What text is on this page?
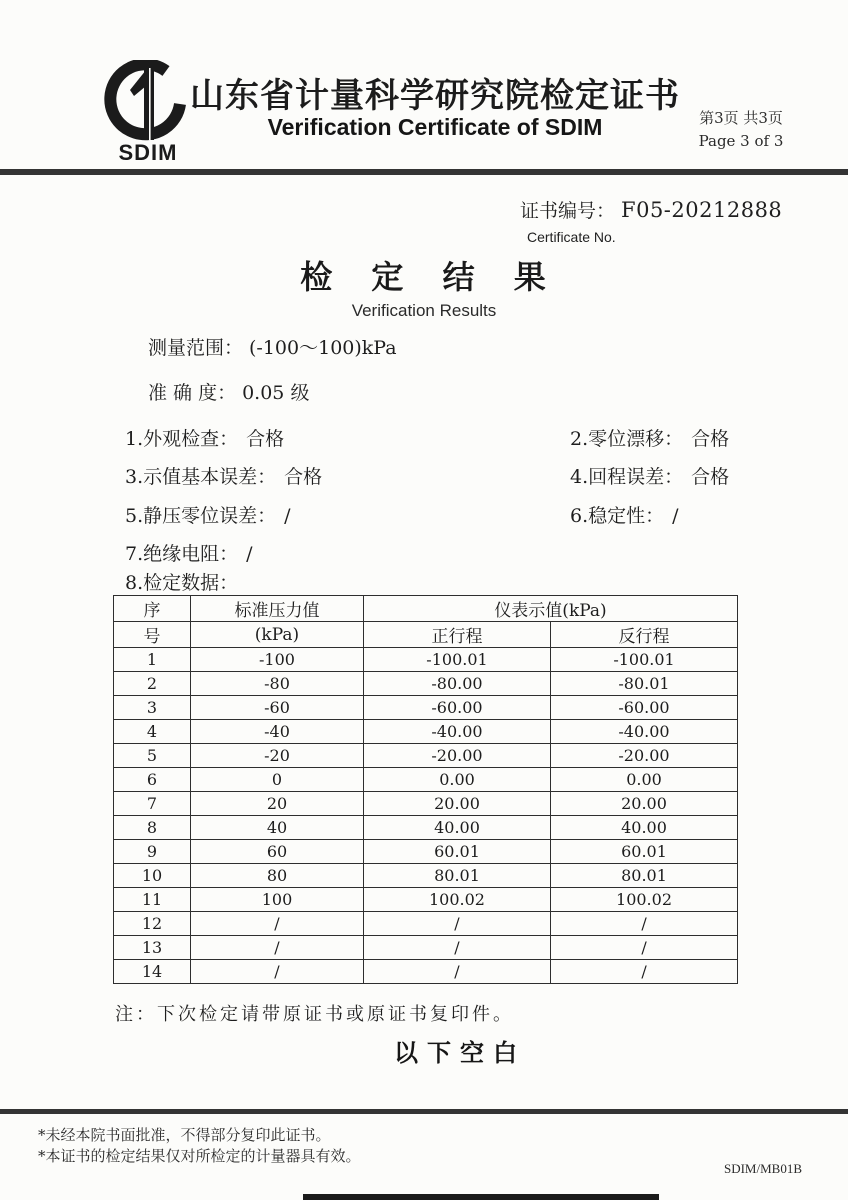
SDIM
山东省计量科学研究院检定证书
Verification Certificate of SDIM	第3页 共3页
Page 3 of 3
证书编号： F05-20212888
Certificate No.
检 定 结 果
Verification Results
测量范围： (-100～100)kPa
准 确 度： 0.05 级
1.外观检查： 合格	2.零位漂移： 合格
3.示值基本误差： 合格	4.回程误差： 合格
5.静压零位误差： /	6.稳定性： /
7.绝缘电阻： /
8.检定数据：
序	标准压力值	仪表示值(kPa)	
号	(kPa)	正行程	反行程
1	-100	-100.01	-100.01
2	-80	-80.00	-80.01
3	-60	-60.00	-60.00
4	-40	-40.00	-40.00
5	-20	-20.00	-20.00
6	0	0.00	0.00
7	20	20.00	20.00
8	40	40.00	40.00
9	60	60.01	60.01
10	80	80.01	80.01
11	100	100.02	100.02
12	/	/	/
13	/	/	/
14	/	/	/
注：下次检定请带原证书或原证书复印件。
以下空白
*未经本院书面批准，不得部分复印此证书。
*本证书的检定结果仅对所检定的计量器具有效。
SDIM/MB01B
